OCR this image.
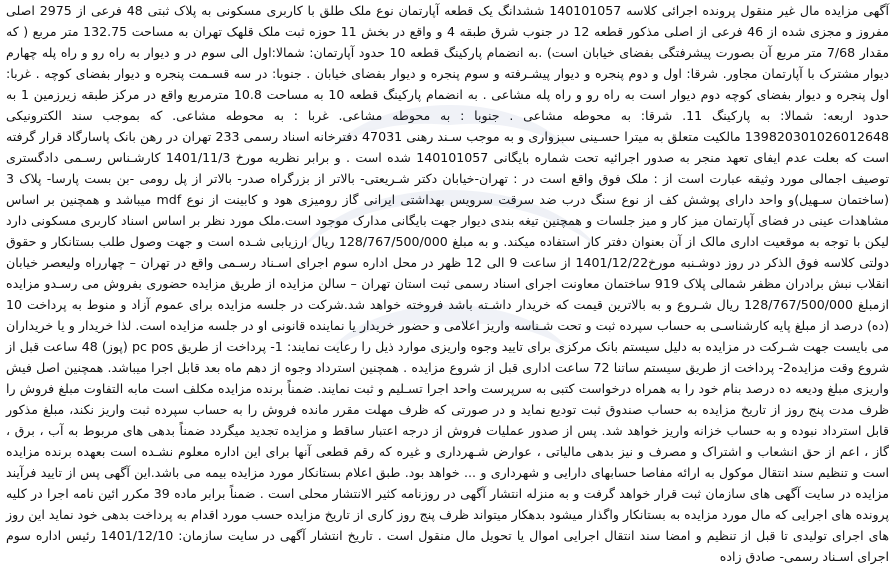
آگهی مزایده مال غیر منقول پرونده اجرائی کلاسه 140101057 ششدانگ یک قطعه آپارتمان نوع ملک طلق با کاربری مسکونی به پلاک ثبتی 48 فرعی از 2975 اصلی مفروز و مجزی شده از 46 فرعی از اصلی مذکور قطعه 12 در جنوب شرق طبقه 4 و واقع در بخش 11 حوزه ثبت ملک قلهک تهران به مساحت 132.75 متر مربع ( که مقدار 7/68 متر مربع آن بصورت پیشرفتگی بفضای خیابان است) .به انضمام پارکینگ قطعه 10 حدود آپارتمان: شمالا:اول الی سوم در و دیوار به راه رو و راه پله چهارم دیوار مشترک با آپارتمان مجاور. شرقا: اول و دوم پنجره و دیوار پیشـرفته و سوم پنجره و دیوار بفضای خیابان . جنوبا: در سه قسـمت پنجره و دیوار بفضای کوچه . غربا: اول پنجره و دیوار بفضای کوچه دوم دیوار است به راه رو و راه پله مشاعی . به انضمام پارکینگ قطعه 10 به مساحت 10.8 مترمربع واقع در مرکز طبقه زیرزمین 1 به حدود اربعه: شمالا: به پارکینگ 11. شرقا: به محوطه مشاعی . جنوبا : به محوطه مشاعی. غربا : به محوطه مشاعی. که بموجب سند الکترونیکی 139820301026012648 مالکیت متعلق به میترا حسـینی سبزواری و به موجب سـند رهنی 47031 دفترخانه اسناد رسمی 233 تهران در رهن بانک پاسارگاد قرار گرفته است که بعلت عدم ایفای تعهد منجر به صدور اجرائیه تحت شماره بایگانی 140101057 شده است . و برابر نظریه مورخ 1401/11/3 کارشـناس رسـمی دادگستری توصیف اجمالی مورد وثیقه عبارت است از : ملک فوق واقع است در : تهران-خیابان دکتر شـریعتی- بالاتر از بزرگراه صدر- بالاتر از پل رومی -بن بست پارسا- پلاک 3 (ساختمان سـهیل)و واحد دارای پوشش کف از نوع سنگ درب ضد سرقت سرویس بهداشتی ایرانی گاز رومیزی هود و کابینت از نوع mdf میباشد و همچنین بر اساس مشاهدات عینی در فضای آپارتمان میز کار و میز جلسات و همچنین تیغه بندی دیوار جهت بایگانی مدارک موجود است.ملک مورد نظر بر اساس اسناد کاربری مسکونی دارد لیکن با توجه به موقعیت اداری مالک از آن بعنوان دفتر کار استفاده میکند. و به مبلغ 128/767/500/000 ریال ارزیابی شـده است و جهت وصول طلب بستانکار و حقوق دولتی کلاسه فوق الذکر در روز دوشـنبه مورخ1401/12/22 از ساعت 9 الی 12 ظهر در محل اداره سوم اجرای اسـناد رسـمی واقع در تهران – چهارراه ولیعصر خیابان انقلاب نبش برادران مظفر شمالی پلاک 919 ساختمان معاونت اجرای اسناد رسمی ثبت استان تهران – سالن مزایده از طریق مزایده حضوری بفروش می رسـدو مزایده ازمبلغ 128/767/500/000 ریال شـروع و به بالاترین قیمت که خریدار داشـته باشد فروخته خواهد شد.شرکت در جلسه مزایده برای عموم آزاد و منوط به پرداخت 10 (ده) درصد از مبلغ پایه کارشناسـی به حساب سپرده ثبت و تحت شـناسه واریز اعلامی و حضور خریدار یا نماینده قانونی او در جلسه مزایده است. لذا خریدار و یا خریداران می بایست جهت شـرکت در مزایده به دلیل سیستم بانک مرکزی برای تایید وجوه واریزی موارد ذیل را رعایت نمایند: 1- پرداخت از طریق pc pos (پوز) 48 ساعت قبل از شروع وقت مزایده2- پرداخت از طریق سیستم ساتنا 72 ساعت اداری قبل از شروع مزایده . همچنین استرداد وجوه از دهم ماه بعد قابل اجرا میباشد. همچنین اصل فیش واریزی مبلغ ودیعه ده درصد بنام خود را به همراه درخواست کتبی به سرپرست واحد اجرا تسـلیم و ثبت نمایند. ضمناً برنده مزایده مکلف است مابه التفاوت مبلغ فروش را ظرف مدت پنج روز از تاریخ مزایده به حساب صندوق ثبت تودیع نماید و در صورتی که ظرف مهلت مقرر مانده فروش را به حساب سپرده ثبت واریز نکند، مبلغ مذکور قابل استرداد نبوده و به حساب خزانه واریز خواهد شد. پس از صدور عملیات فروش از درجه اعتبار ساقط و مزایده تجدید میگردد ضمناً بدهی های مربوط به آب ، برق ، گاز ، اعم از حق انشعاب و اشتراک و مصرف و نیز بدهی مالیاتی ، عوارض شـهرداری و غیره که رقم قطعی آنها برای این اداره معلوم نشـده است بعهده برنده مزایده است و تنظیم سند انتقال موکول به ارائه مفاصا حسابهای دارایی و شهرداری و ... خواهد بود. طبق اعلام بستانکار مورد مزایده بیمه می باشد.این آگهی پس از تایید فرآیند مزایده در سایت آگهی های سازمان ثبت قرار خواهد گرفت و به منزله انتشار آگهی در روزنامه کثیر الانتشار محلی است . ضمناً برابر ماده 39 مکرر ائین نامه اجرا در کلیه پرونده های اجرایی که مال مورد مزایده به بستانکار واگذار میشود بدهکار میتواند ظرف پنج روز کاری از تاریخ مزایده حسب مورد اقدام به پرداخت بدهی خود نماید این روز های اجرای تولیدی تا قبل از تنظیم و امضا سند انتقال اجرایی اموال یا تحویل مال منقول است . تاریخ انتشار آگهی در سایت سازمان: 1401/12/10 رئیس اداره سوم اجرای اسـناد رسمی- صادق زاده
